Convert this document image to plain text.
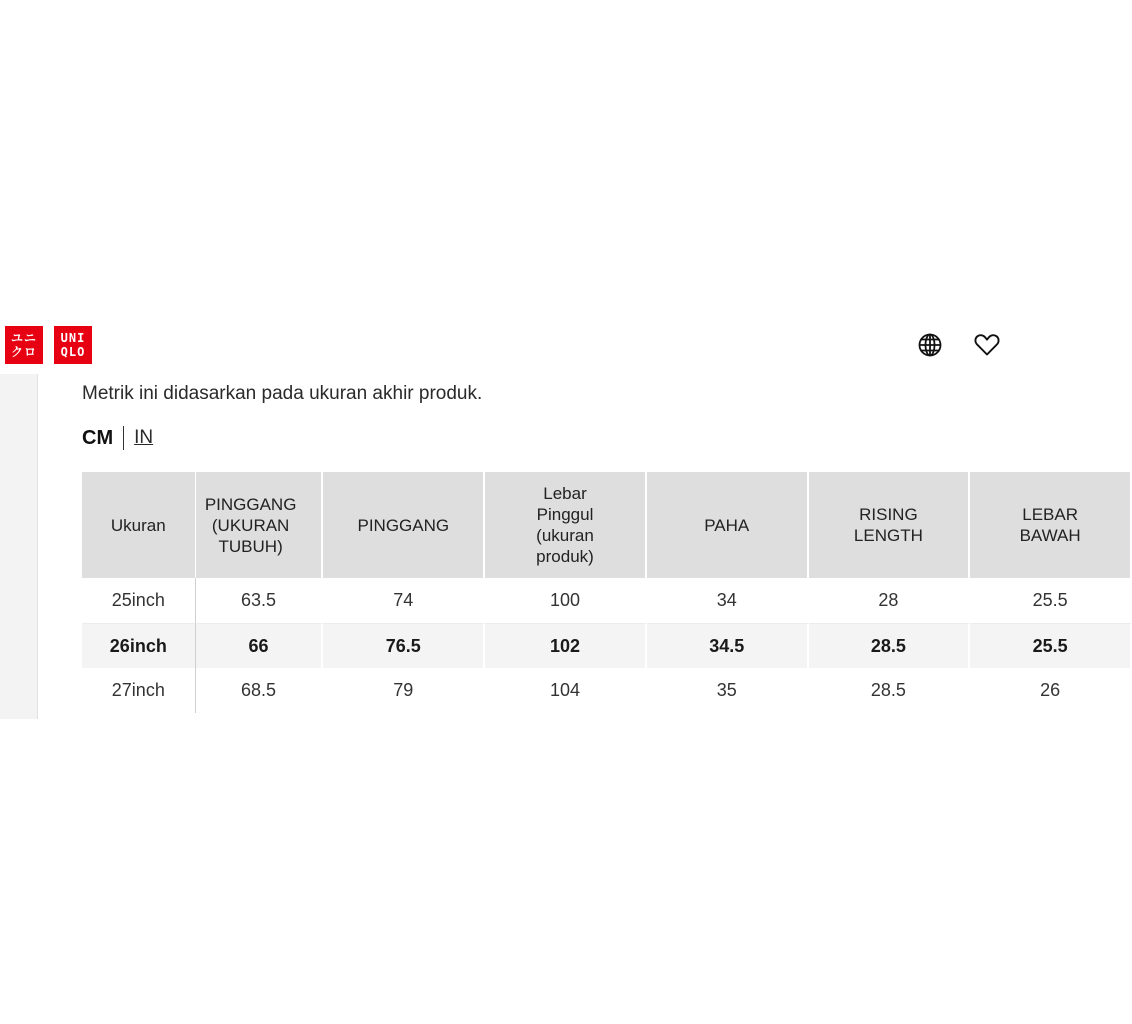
ユニ
クロ
UNI
QLO
Metrik ini didasarkan pada ukuran akhir produk.
CM IN
Ukuran	PINGGANG (UKURAN TUBUH)	PINGGANG	Lebar Pinggul (ukuran produk)	PAHA	RISING LENGTH	LEBAR BAWAH

25inch	63.5	74	100	34	28	25.5
26inch	66	76.5	102	34.5	28.5	25.5
27inch	68.5	79	104	35	28.5	26
